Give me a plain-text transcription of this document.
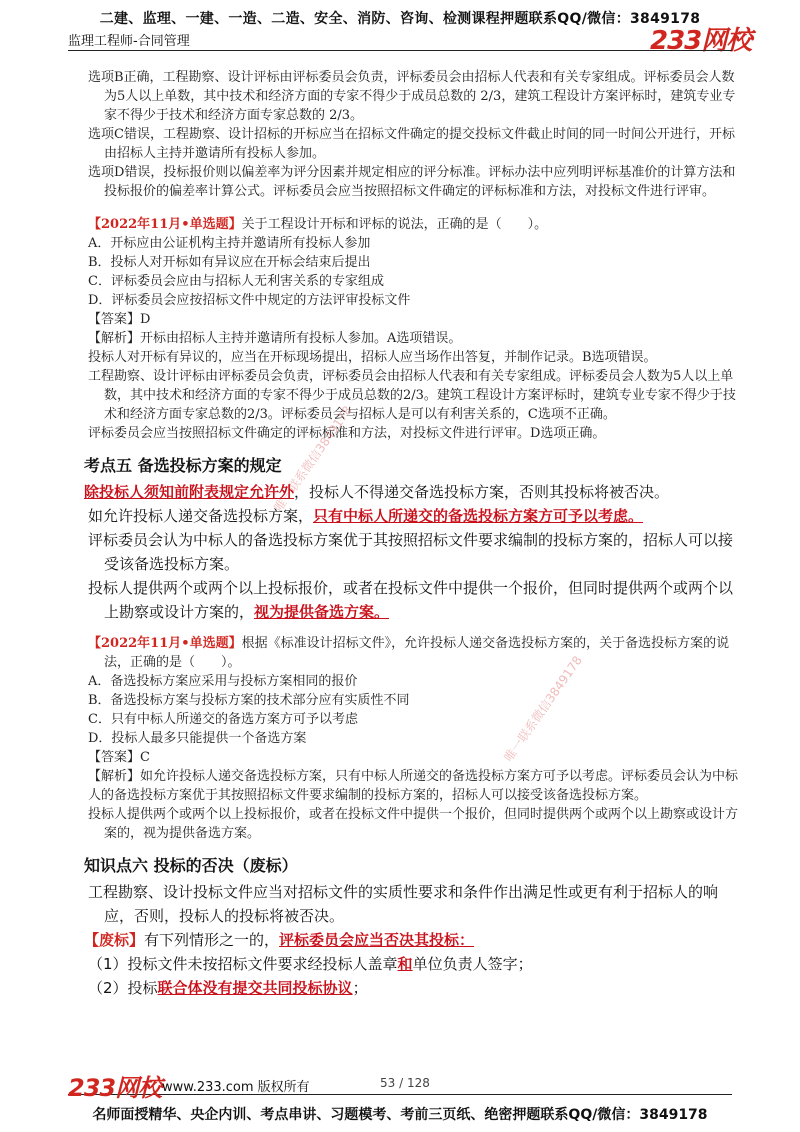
二建、监理、一建、一造、二造、安全、消防、咨询、检测课程押题联系QQ/微信：3849178
监理工程师-合同管理	233网校

选项B正确，工程勘察、设计评标由评标委员会负责，评标委员会由招标人代表和有关专家组成。评标委员会人数为5人以上单数，其中技术和经济方面的专家不得少于成员总数的 2/3，建筑工程设计方案评标时，建筑专业专家不得少于技术和经济方面专家总数的 2/3。

选项C错误，工程勘察、设计招标的开标应当在招标文件确定的提交投标文件截止时间的同一时间公开进行，开标由招标人主持并邀请所有投标人参加。

选项D错误，投标报价则以偏差率为评分因素并规定相应的评分标准。评标办法中应列明评标基准价的计算方法和投标报价的偏差率计算公式。评标委员会应当按照招标文件确定的评标标准和方法，对投标文件进行评审。

【2022年11月•单选题】关于工程设计开标和评标的说法，正确的是（　　）。

A．开标应由公证机构主持并邀请所有投标人参加

B．投标人对开标如有异议应在开标会结束后提出

C．评标委员会应由与招标人无利害关系的专家组成

D．评标委员会应按招标文件中规定的方法评审投标文件

【答案】D

【解析】开标由招标人主持并邀请所有投标人参加。A选项错误。

投标人对开标有异议的，应当在开标现场提出，招标人应当场作出答复，并制作记录。B选项错误。

工程勘察、设计评标由评标委员会负责，评标委员会由招标人代表和有关专家组成。评标委员会人数为5人以上单数，其中技术和经济方面的专家不得少于成员总数的2/3。建筑工程设计方案评标时，建筑专业专家不得少于技术和经济方面专家总数的2/3。评标委员会与招标人是可以有利害关系的，C选项不正确。

评标委员会应当按照招标文件确定的评标标准和方法，对投标文件进行评审。D选项正确。

考点五 备选投标方案的规定

除投标人须知前附表规定允许外，投标人不得递交备选投标方案，否则其投标将被否决。

如允许投标人递交备选投标方案，只有中标人所递交的备选投标方案方可予以考虑。

评标委员会认为中标人的备选投标方案优于其按照招标文件要求编制的投标方案的，招标人可以接受该备选投标方案。

投标人提供两个或两个以上投标报价，或者在投标文件中提供一个报价，但同时提供两个或两个以上勘察或设计方案的，视为提供备选方案。

【2022年11月•单选题】根据《标准设计招标文件》，允许投标人递交备选投标方案的，关于备选投标方案的说法，正确的是（　　）。

A．备选投标方案应采用与投标方案相同的报价

B．备选投标方案与投标方案的技术部分应有实质性不同

C．只有中标人所递交的备选方案方可予以考虑

D．投标人最多只能提供一个备选方案

【答案】C

【解析】如允许投标人递交备选投标方案，只有中标人所递交的备选投标方案方可予以考虑。评标委员会认为中标人的备选投标方案优于其按照招标文件要求编制的投标方案的，招标人可以接受该备选投标方案。

投标人提供两个或两个以上投标报价，或者在投标文件中提供一个报价，但同时提供两个或两个以上勘察或设计方案的，视为提供备选方案。

知识点六 投标的否决（废标）

工程勘察、设计投标文件应当对招标文件的实质性要求和条件作出满足性或更有利于招标人的响应，否则，投标人的投标将被否决。

【废标】有下列情形之一的，评标委员会应当否决其投标：

（1）投标文件未按招标文件要求经投标人盖章和单位负责人签字；

（2）投标联合体没有提交共同投标协议；

唯一联系微信3849178
唯一联系微信3849178
233网校 www.233.com 版权所有	53 / 128
名师面授精华、央企内训、考点串讲、习题模考、考前三页纸、绝密押题联系QQ/微信：3849178
